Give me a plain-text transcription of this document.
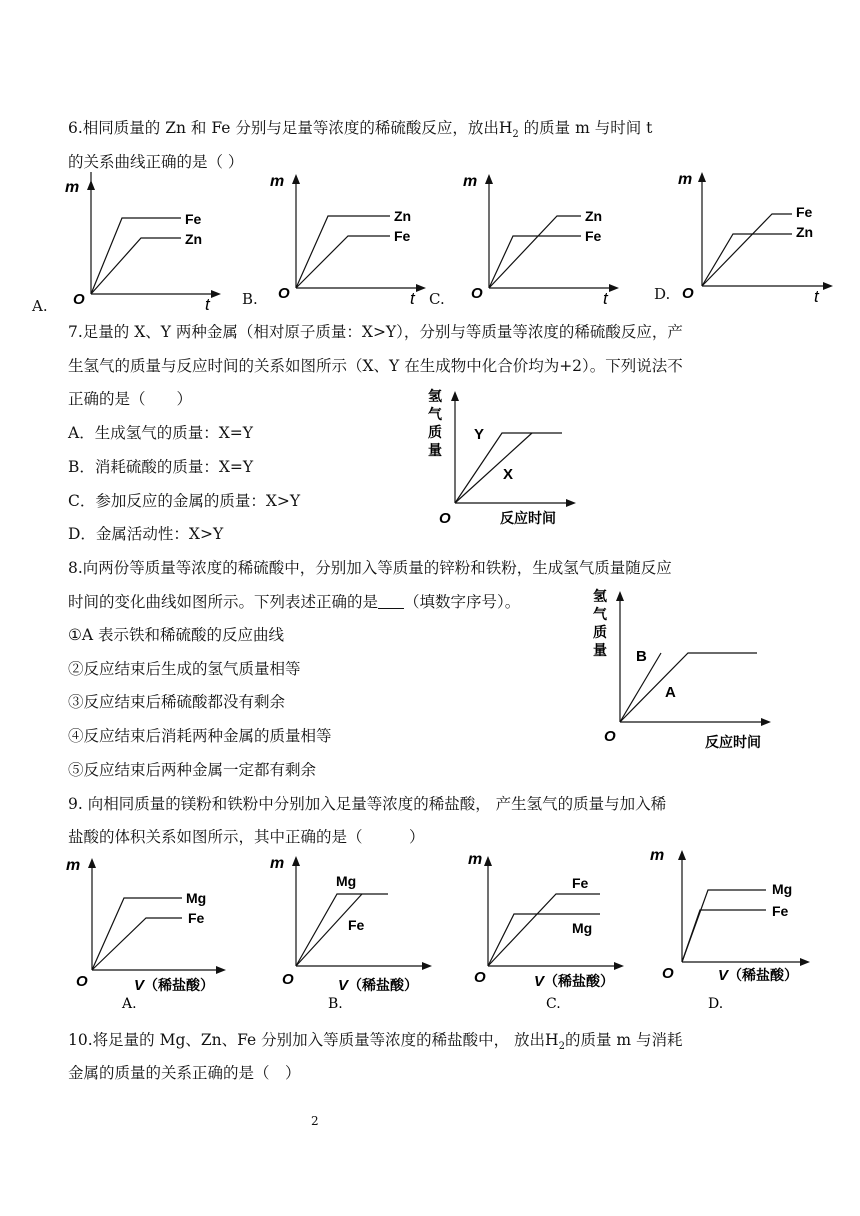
6.相同质量的 Zn 和 Fe 分别与足量等浓度的稀硫酸反应，放出$H_2$ 的质量 m 与时间 t
的关系曲线正确的是（ ）
m
O	t
Fe
Zn
A.
m
O	t
Zn
Fe
B.
m
O	t
Zn
Fe
C.
m
O	t
Fe
Zn
D.
7.足量的 X、Y 两种金属（相对原子质量：X>Y），分别与等质量等浓度的稀硫酸反应，产
生氢气的质量与反应时间的关系如图所示（X、Y 在生成物中化合价均为+2）。下列说法不
正确的是（　　）
A．生成氢气的质量：X=Y
B．消耗硫酸的质量：X=Y
C．参加反应的金属的质量：X>Y
D．金属活动性：X>Y
氢
气
质
量
O	反应时间
Y
X
8.向两份等质量等浓度的稀硫酸中，分别加入等质量的锌粉和铁粉，生成氢气质量随反应
时间的变化曲线如图所示。下列表述正确的是 （填数字序号）。
①A 表示铁和稀硫酸的反应曲线
②反应结束后生成的氢气质量相等
③反应结束后稀硫酸都没有剩余
④反应结束后消耗两种金属的质量相等
⑤反应结束后两种金属一定都有剩余
氢
气
质
量
O	反应时间
B
A
9. 向相同质量的镁粉和铁粉中分别加入足量等浓度的稀盐酸， 产生氢气的质量与加入稀
盐酸的体积关系如图所示，其中正确的是（　　　）
m
O	V （稀盐酸）
Mg
Fe
A.
m
O	V （稀盐酸）
Mg
Fe
B.
m
O	V （稀盐酸）
Fe
Mg
C.
m
O	V （稀盐酸）
Mg
Fe
D.
10.将足量的 Mg、Zn、Fe 分别加入等质量等浓度的稀盐酸中， 放出$H_2$的质量 m 与消耗
金属的质量的关系正确的是（　）
2
